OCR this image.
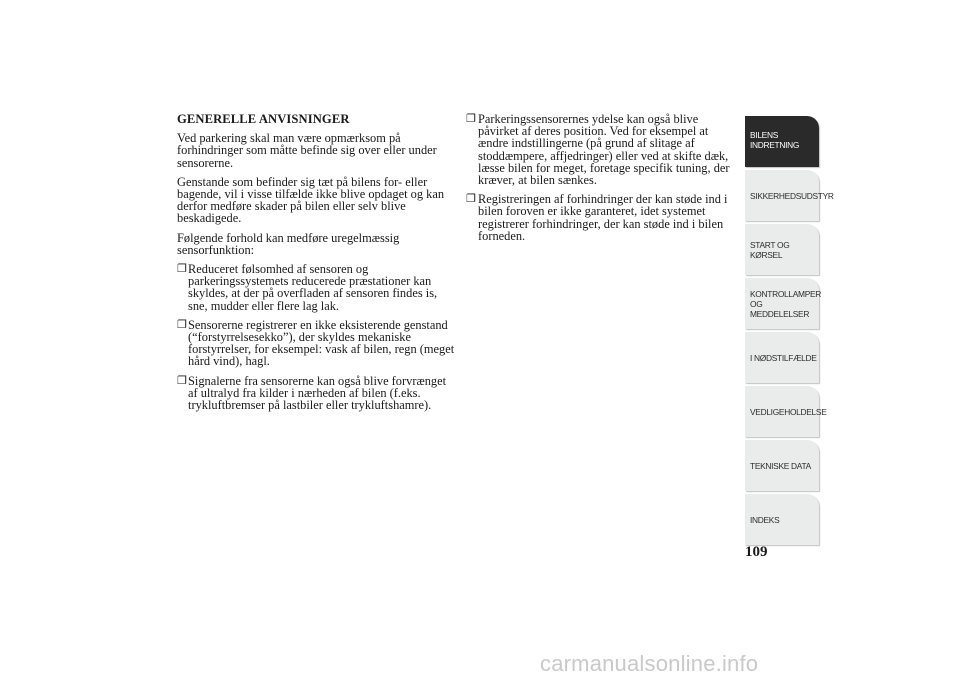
GENERELLE ANVISNINGER
Ved parkering skal man være opmærksom på forhindringer som måtte befinde sig over eller under sensorerne.
Genstande som befinder sig tæt på bilens for- eller bagende, vil i visse tilfælde ikke blive opdaget og kan derfor medføre skader på bilen eller selv blive beskadigede.
Følgende forhold kan medføre uregelmæssig sensorfunktion:
❐ Reduceret følsomhed af sensoren og parkeringssystemets reducerede præstationer kan skyldes, at der på overfladen af sensoren findes is, sne, mudder eller flere lag lak.
❐ Sensorerne registrerer en ikke eksisterende genstand (“forstyrrelsesekko”), der skyldes mekaniske forstyrrelser, for eksempel: vask af bilen, regn (meget hård vind), hagl.
❐ Signalerne fra sensorerne kan også blive forvrænget af ultralyd fra kilder i nærheden af bilen (f.eks. trykluftbremser på lastbiler eller trykluftshamre).
❐ Parkeringssensorernes ydelse kan også blive påvirket af deres position. Ved for eksempel at ændre indstillingerne (på grund af slitage af stoddæmpere, affjedringer) eller ved at skifte dæk, læsse bilen for meget, foretage specifik tuning, der kræver, at bilen sænkes.
❐ Registreringen af forhindringer der kan støde ind i bilen foroven er ikke garanteret, idet systemet registrerer forhindringer, der kan støde ind i bilen forneden.
BILENS
INDRETNING
SIKKERHEDSUDSTYR
START OG KØRSEL
KONTROLLAMPER
OG MEDDELELSER
I NØDSTILFÆLDE
VEDLIGEHOLDELSE
TEKNISKE DATA
INDEKS
109
carmanualsonline.info
